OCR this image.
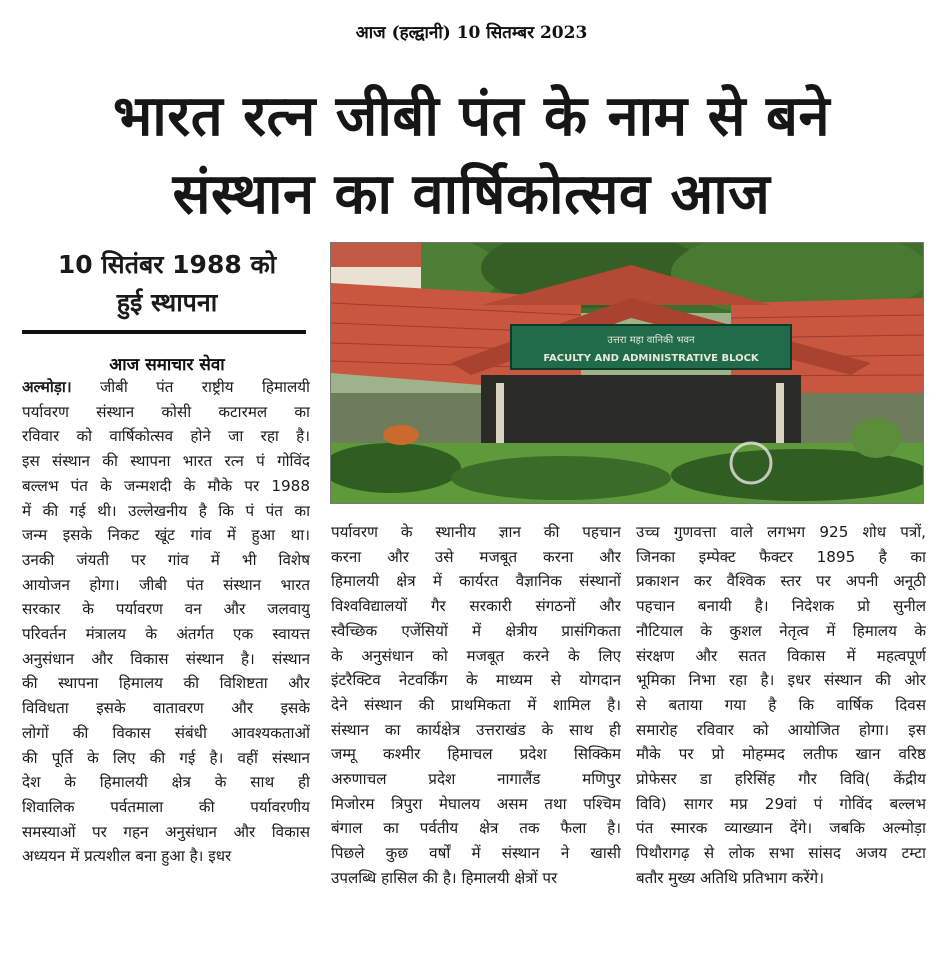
आज (हल्द्वानी) 10 सितम्बर 2023
भारत रत्न जीबी पंत के नाम से बने
संस्थान का वार्षिकोत्सव आज
10 सितंबर 1988 को
हुई स्थापना
आज समाचार सेवा
उत्तरा महा वानिकी भवन
FACULTY AND ADMINISTRATIVE BLOCK

अल्मोड़ा। जीबी पंत राष्ट्रीय हिमालयी

पर्यावरण संस्थान कोसी कटारमल का

रविवार को वार्षिकोत्सव होने जा रहा है।

इस संस्थान की स्थापना भारत रत्न पं गोविंद

बल्लभ पंत के जन्मशदी के मौके पर 1988

में की गई थी। उल्लेखनीय है कि पं पंत का

जन्म इसके निकट खूंट गांव में हुआ था।

उनकी जंयती पर गांव में भी विशेष

आयोजन होगा। जीबी पंत संस्थान भारत

सरकार के पर्यावरण वन और जलवायु

परिवर्तन मंत्रालय के अंतर्गत एक स्वायत्त

अनुसंधान और विकास संस्थान है। संस्थान

की स्थापना हिमालय की विशिष्टता और

विविधता इसके वातावरण और इसके

लोगों की विकास संबंधी आवश्यकताओं

की पूर्ति के लिए की गई है। वहीं संस्थान

देश के हिमालयी क्षेत्र के साथ ही

शिवालिक पर्वतमाला की पर्यावरणीय

समस्याओं पर गहन अनुसंधान और विकास

अध्ययन में प्रत्यशील बना हुआ है। इधर

पर्यावरण के स्थानीय ज्ञान की पहचान

करना और उसे मजबूत करना और

हिमालयी क्षेत्र में कार्यरत वैज्ञानिक संस्थानों

विश्वविद्यालयों गैर सरकारी संगठनों और

स्वैच्छिक एजेंसियों में क्षेत्रीय प्रासंगिकता

के अनुसंधान को मजबूत करने के लिए

इंटरैक्टिव नेटवर्किंग के माध्यम से योगदान

देने संस्थान की प्राथमिकता में शामिल है।

संस्थान का कार्यक्षेत्र उत्तराखंड के साथ ही

जम्मू कश्मीर हिमाचल प्रदेश सिक्किम

अरुणाचल प्रदेश नागालैंड मणिपुर

मिजोरम त्रिपुरा मेघालय असम तथा पश्चिम

बंगाल का पर्वतीय क्षेत्र तक फैला है।

पिछले कुछ वर्षों में संस्थान ने खासी

उपलब्धि हासिल की है। हिमालयी क्षेत्रों पर

उच्च गुणवत्ता वाले लगभग 925 शोध पत्रों,

जिनका इम्पेक्ट फैक्टर 1895 है का

प्रकाशन कर वैश्विक स्तर पर अपनी अनूठी

पहचान बनायी है। निदेशक प्रो सुनील

नौटियाल के कुशल नेतृत्व में हिमालय के

संरक्षण और सतत विकास में महत्वपूर्ण

भूमिका निभा रहा है। इधर संस्थान की ओर

से बताया गया है कि वार्षिक दिवस

समारोह रविवार को आयोजित होगा। इस

मौके पर प्रो मोहम्मद लतीफ खान वरिष्ठ

प्रोफेसर डा हरिसिंह गौर विवि( केंद्रीय

विवि) सागर मप्र 29वां पं गोविंद बल्लभ

पंत स्मारक व्याख्यान देंगे। जबकि अल्मोड़ा

पिथौरागढ़ से लोक सभा सांसद अजय टम्टा

बतौर मुख्य अतिथि प्रतिभाग करेंगे।
